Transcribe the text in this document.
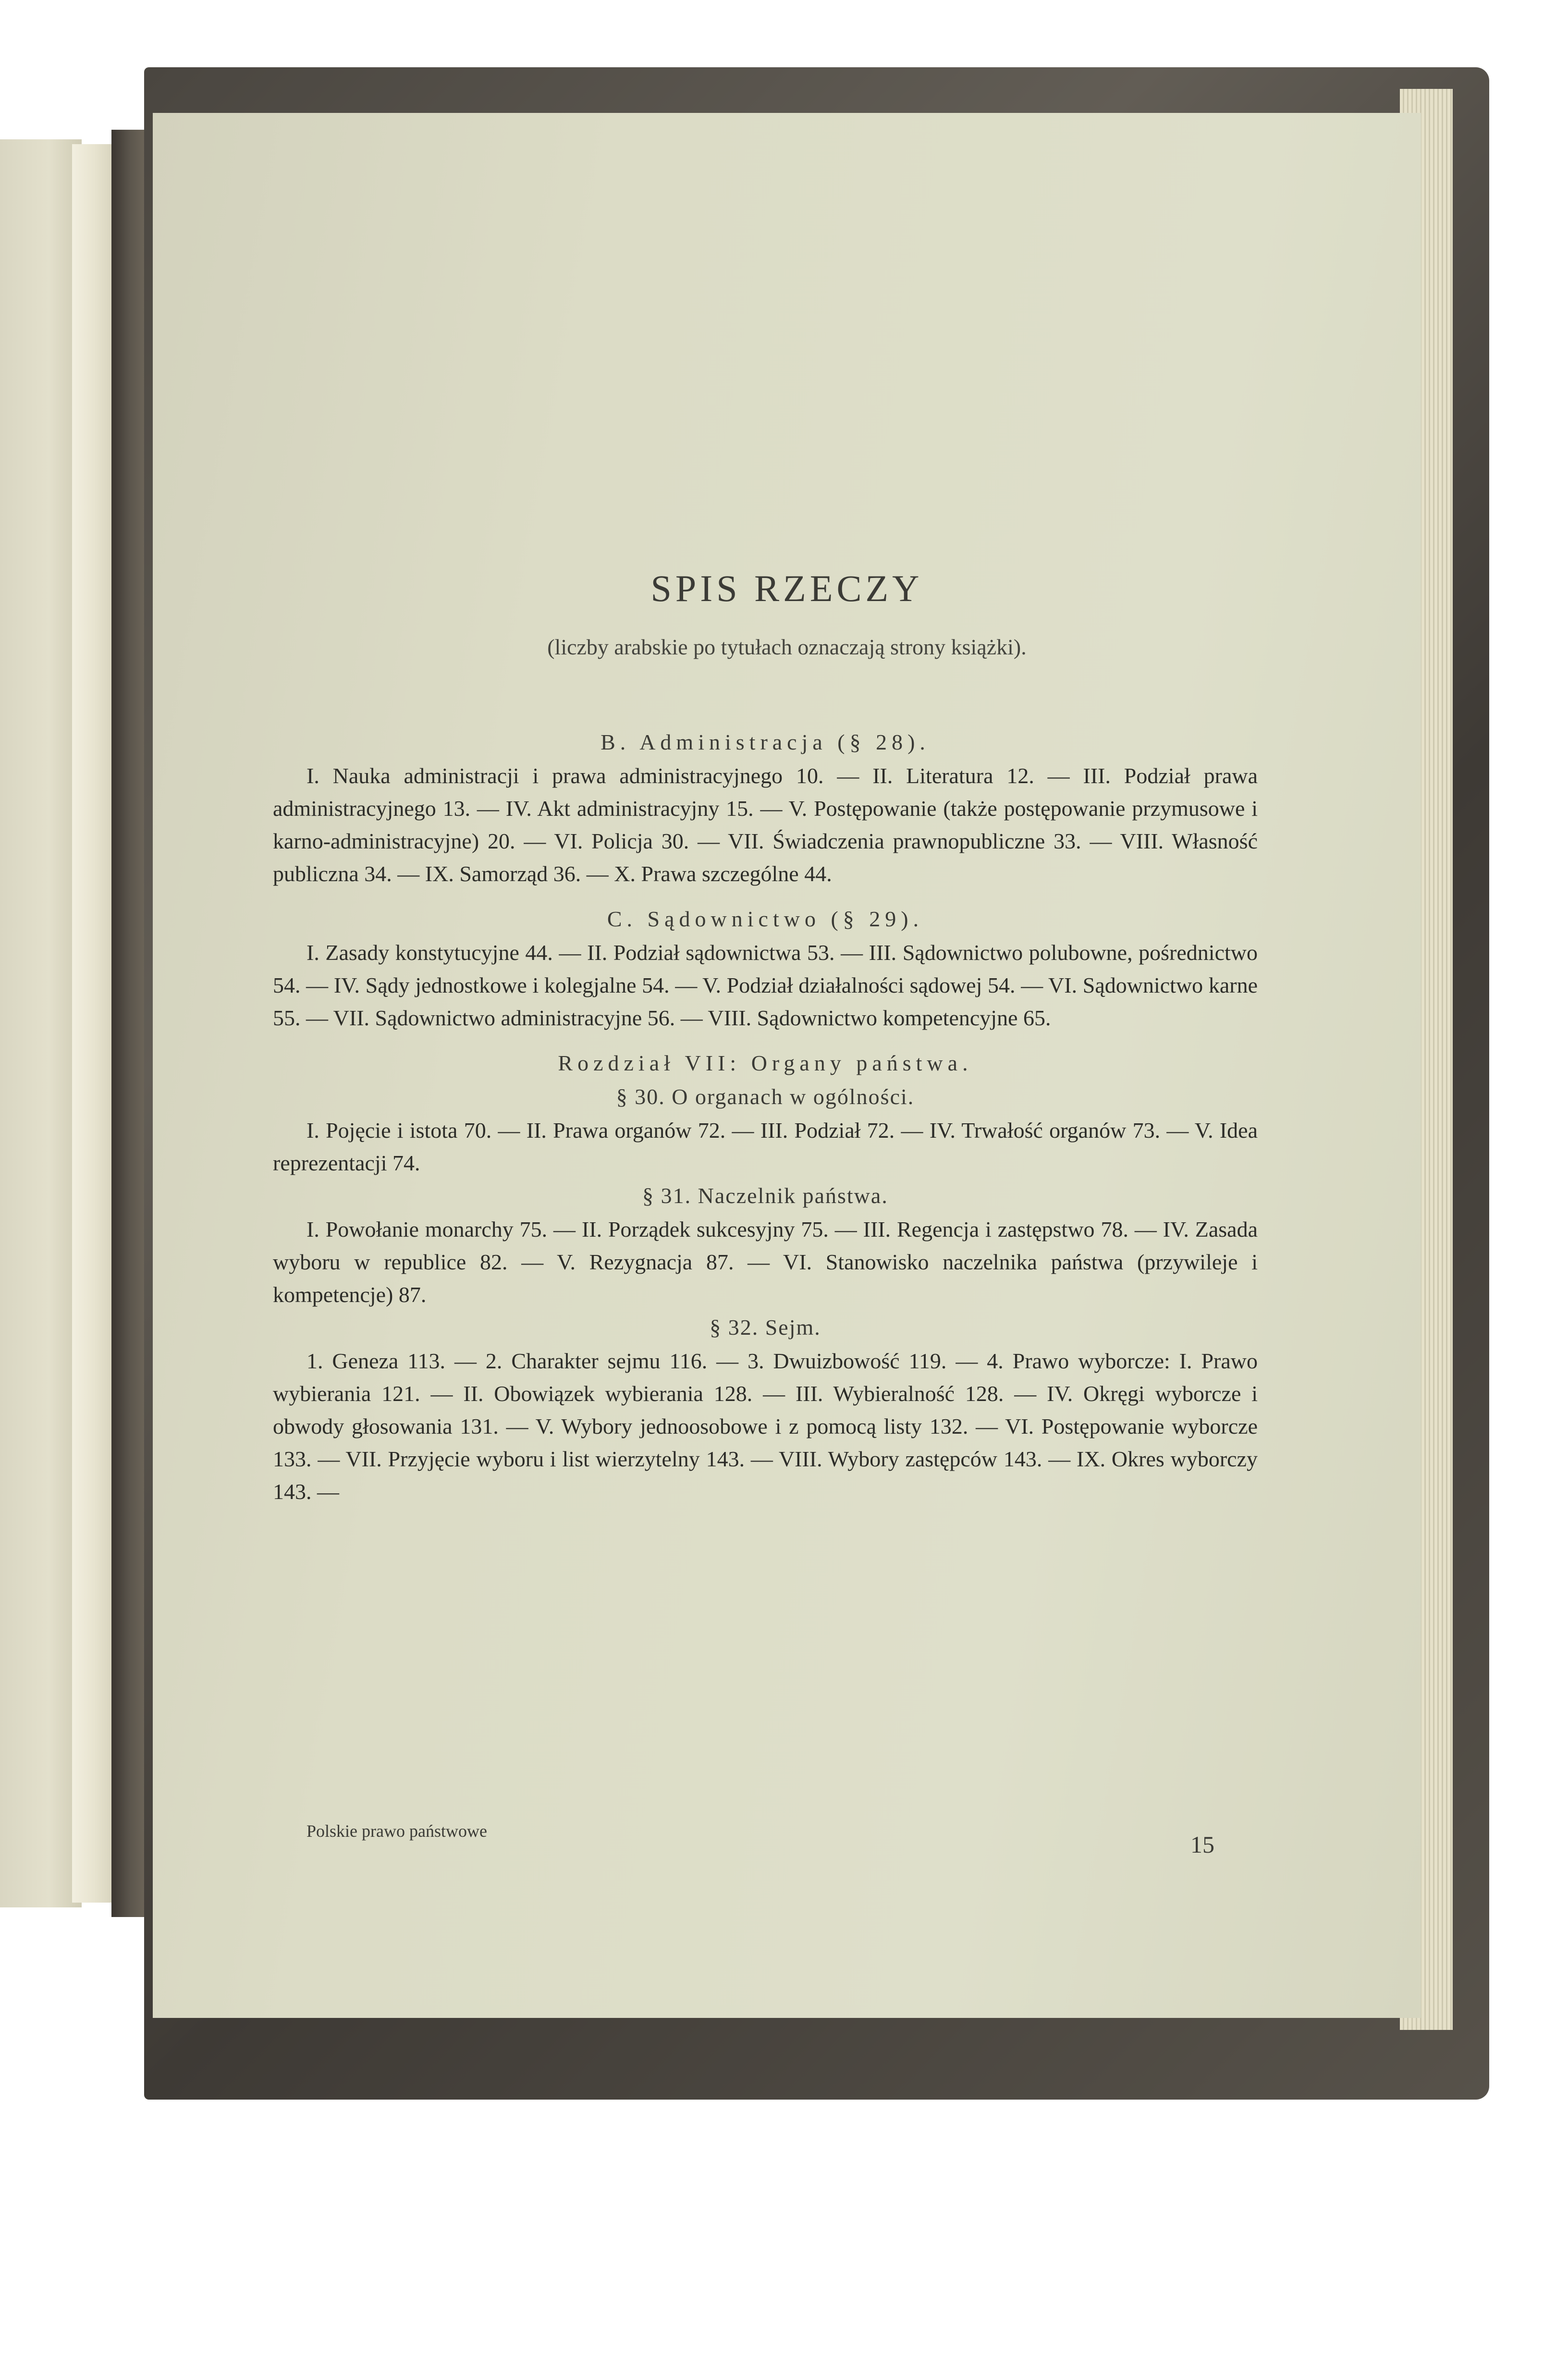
SPIS RZECZY
(liczby arabskie po tytułach oznaczają strony książki).
B. Administracja (§ 28).

I. Nauka administracji i prawa administracyjnego 10. — II. Literatura 12. — III. Podział prawa administracyjnego 13. — IV. Akt administracyjny 15. — V. Postępowanie (także postępowanie przymusowe i karno-administracyjne) 20. — VI. Policja 30. — VII. Świadczenia prawnopubliczne 33. — VIII. Własność publiczna 34. — IX. Samorząd 36. — X. Prawa szczególne 44.

C. Sądownictwo (§ 29).

I. Zasady konstytucyjne 44. — II. Podział sądownictwa 53. — III. Sądownictwo polubowne, pośrednictwo 54. — IV. Sądy jednostkowe i kolegjalne 54. — V. Podział działalności sądowej 54. — VI. Sądownictwo karne 55. — VII. Sądownictwo administracyjne 56. — VIII. Sądownictwo kompetencyjne 65.

Rozdział VII: Organy państwa.
§ 30. O organach w ogólności.

I. Pojęcie i istota 70. — II. Prawa organów 72. — III. Podział 72. — IV. Trwałość organów 73. — V. Idea reprezentacji 74.

§ 31. Naczelnik państwa.

I. Powołanie monarchy 75. — II. Porządek sukcesyjny 75. — III. Regencja i zastępstwo 78. — IV. Zasada wyboru w republice 82. — V. Rezygnacja 87. — VI. Stanowisko naczelnika państwa (przywileje i kompetencje) 87.

§ 32. Sejm.

1. Geneza 113. — 2. Charakter sejmu 116. — 3. Dwuizbowość 119. — 4. Prawo wyborcze: I. Prawo wybierania 121. — II. Obowiązek wybierania 128. — III. Wybieralność 128. — IV. Okręgi wyborcze i obwody głosowania 131. — V. Wybory jednoosobowe i z pomocą listy 132. — VI. Postępowanie wyborcze 133. — VII. Przyjęcie wyboru i list wierzytelny 143. — VIII. Wybory zastępców 143. — IX. Okres wyborczy 143. —

Polskie prawo państwowe	15
